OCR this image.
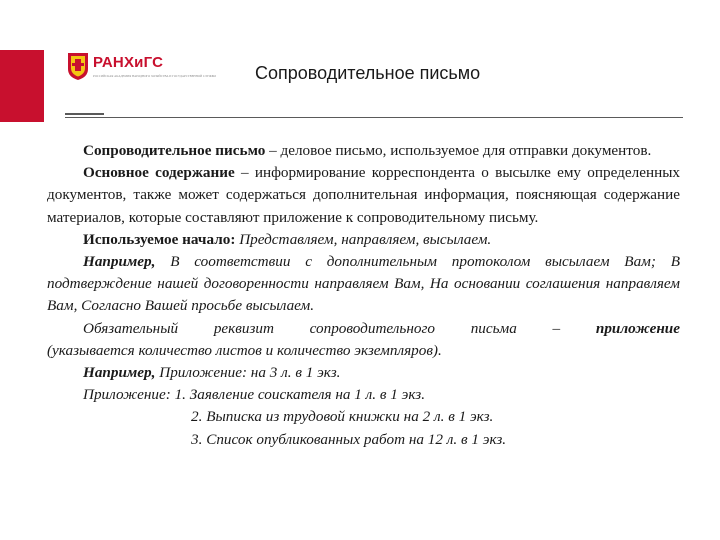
РАНХиГС
РОССИЙСКАЯ АКАДЕМИЯ НАРОДНОГО ХОЗЯЙСТВА И ГОСУДАРСТВЕННОЙ СЛУЖБЫ Сопроводительное письмо

Сопроводительное письмо – деловое письмо, используемое для отправки документов.

Основное содержание – информирование корреспондента о высылке ему определенных документов, также может содержаться дополнительная информация, поясняющая содержание материалов, которые составляют приложение к сопроводительному письму.

Используемое начало: Представляем, направляем, высылаем.

Например, В соответствии с дополнительным протоколом высылаем Вам; В подтверждение нашей договоренности направляем Вам, На основании соглашения направляем Вам, Согласно Вашей просьбе высылаем.

Обязательный реквизит сопроводительного письма – приложение

(указывается количество листов и количество экземпляров).

Например, Приложение: на 3 л. в 1 экз.

Приложение: 1. Заявление соискателя на 1 л. в 1 экз.

2. Выписка из трудовой книжки на 2 л. в 1 экз.

3. Список опубликованных работ на 12 л. в 1 экз.
